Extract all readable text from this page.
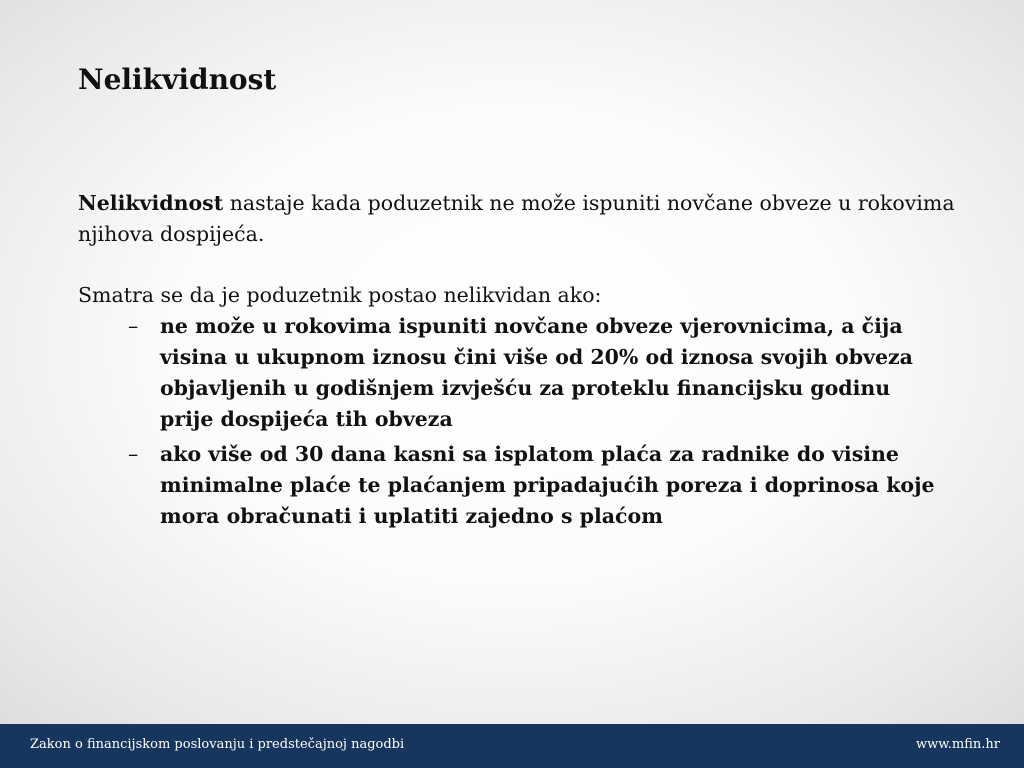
Nelikvidnost

Nelikvidnost nastaje kada poduzetnik ne može ispuniti novčane obveze u rokovima njihova dospijeća.

Smatra se da je poduzetnik postao nelikvidan ako:

– ne može u rokovima ispuniti novčane obveze vjerovnicima, a čija visina u ukupnom iznosu čini više od 20% od iznosa svojih obveza objavljenih u godišnjem izvješću za proteklu financijsku godinu prije dospijeća tih obveza
– ako više od 30 dana kasni sa isplatom plaća za radnike do visine minimalne plaće te plaćanjem pripadajućih poreza i doprinosa koje mora obračunati i uplatiti zajedno s plaćom
Zakon o financijskom poslovanju i predstečajnoj nagodbi	www.mfin.hr
